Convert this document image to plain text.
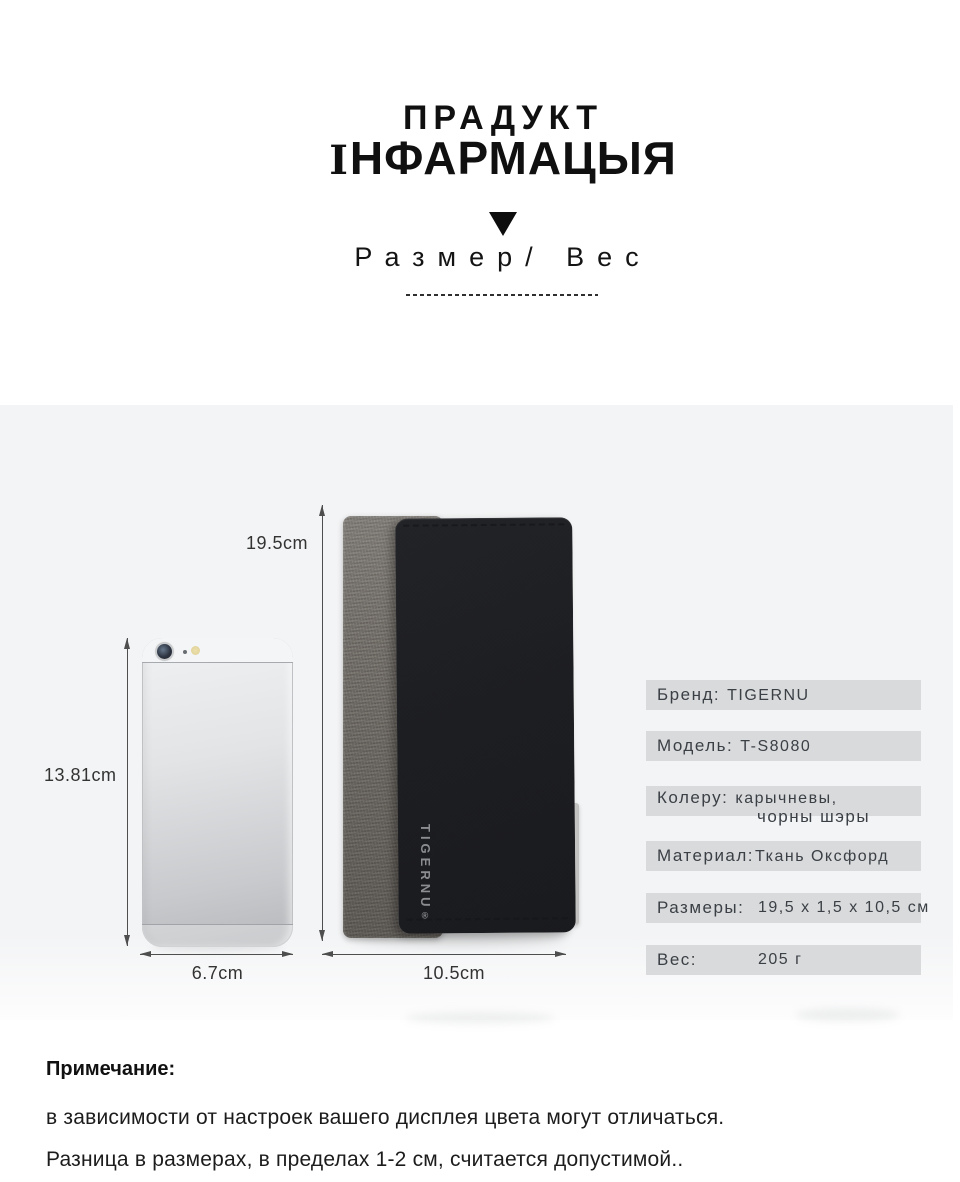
ПРАДУКТ
ІНФАРМАЦЫЯ
Размер/ Вес
TIGERNU®
13.81cm
6.7cm
19.5cm
10.5cm
Бренд: TIGERNU
Модель: T-S8080
Колеру: карычневы,
чорны шэры
Материал:Ткань Оксфорд
Размеры: 19,5 x 1,5 x 10,5 см
Вес:	205 г
Примечание:
в зависимости от настроек вашего дисплея цвета могут отличаться.
Разница в размерах, в пределах 1-2 см, считается допустимой..
